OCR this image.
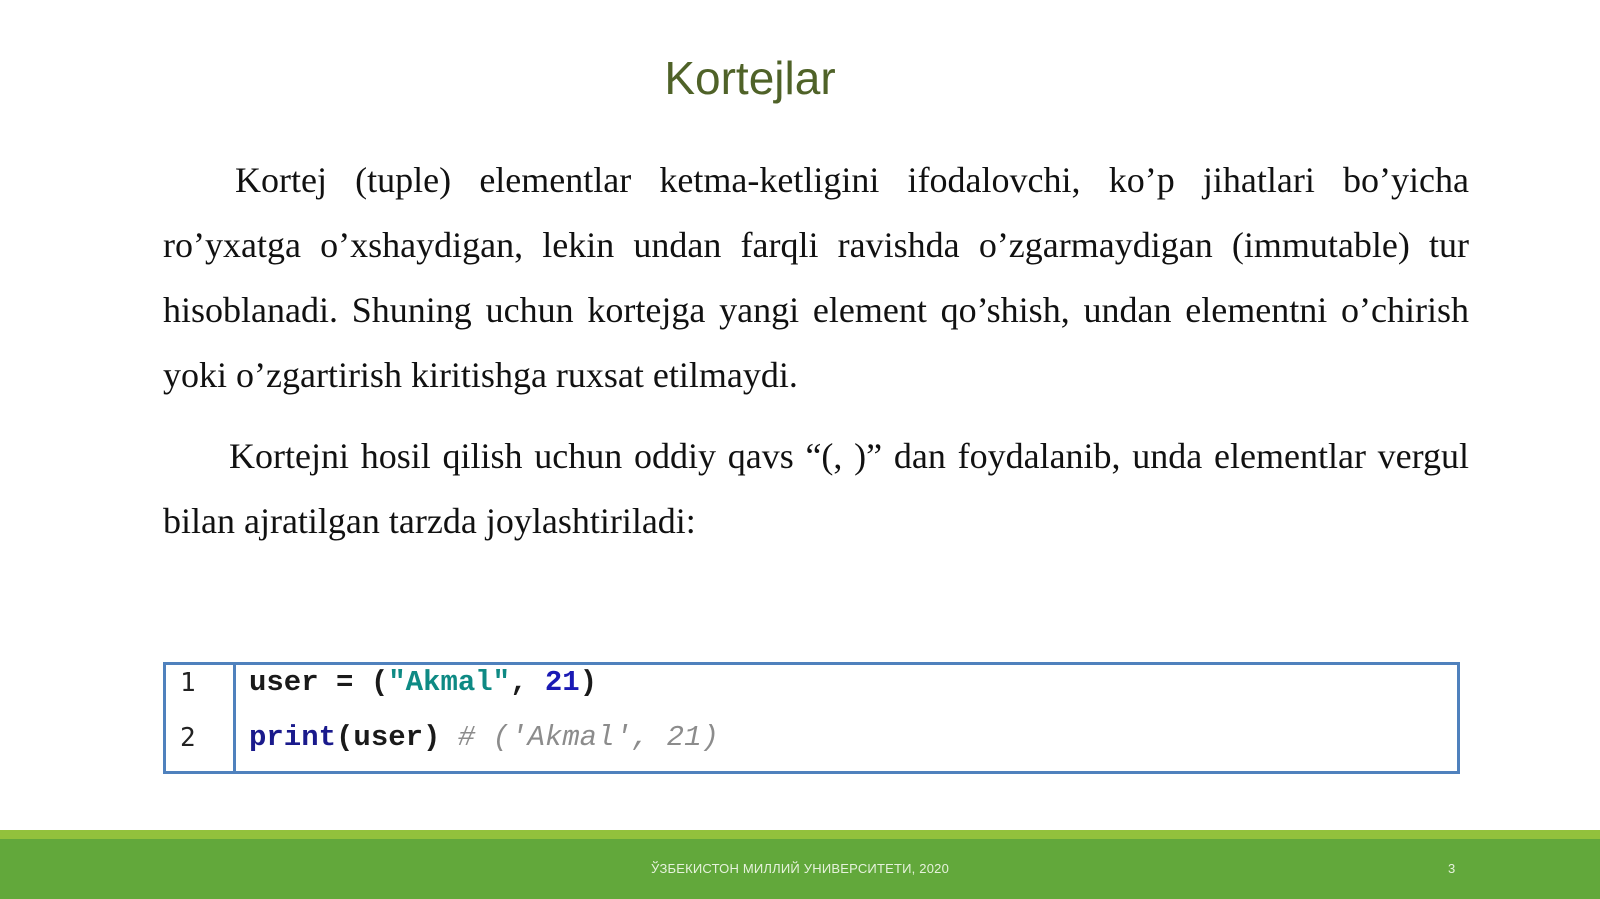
Kortejlar

Kortej (tuple) elementlar ketma-ketligini ifodalovchi, ko’p jihatlari bo’yicha ro’yxatga o’xshaydigan, lekin undan farqli ravishda o’zgarmaydigan (immutable) tur hisoblanadi. Shuning uchun kortejga yangi element qo’shish, undan elementni o’chirish yoki o’zgartirish kiritishga ruxsat etilmaydi.

Kortejni hosil qilish uchun oddiy qavs “(, )” dan foydalanib, unda elementlar vergul bilan ajratilgan tarzda joylashtiriladi:

1
2
user = ("Akmal", 21)
print(user) # ('Akmal', 21)
ЎЗБЕКИСТОН МИЛЛИЙ УНИВЕРСИТЕТИ, 2020	3
